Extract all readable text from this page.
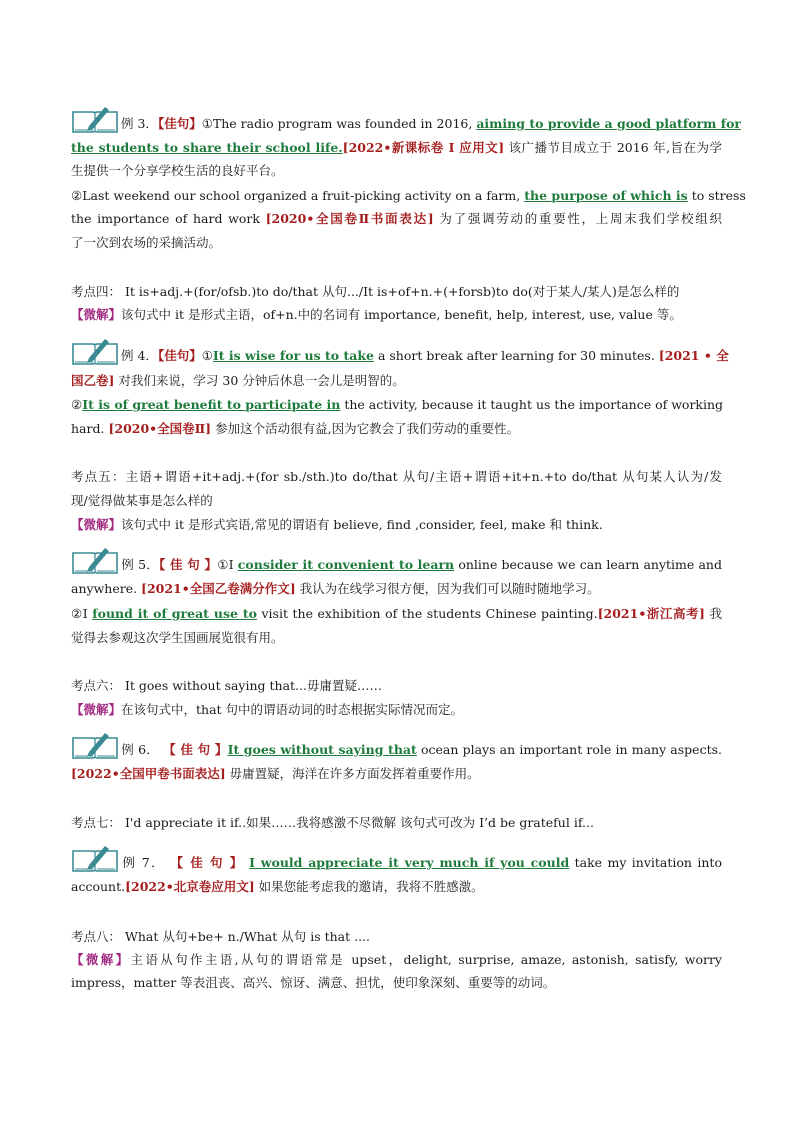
例 3．【佳句】①The radio program was founded in 2016, aiming to provide a good platform for
the students to share their school life.[2022•新课标卷 I 应用文] 该广播节目成立于 2016 年,旨在为学
生提供一个分享学校生活的良好平台。
②Last weekend our school organized a fruit-picking activity on a farm, the purpose of which is to stress
the importance of hard work [2020•全国卷Ⅱ书面表达] 为了强调劳动的重要性，上周末我们学校组织
了一次到农场的采摘活动。
考点四： It is+adj.+(for/ofsb.)to do/that 从句.../It is+of+n.+(+forsb)to do(对于某人/某人)是怎么样的
【微解】该句式中 it 是形式主语，of+n.中的名词有 importance, benefit, help, interest, use, value 等。
例 4．【佳句】①It is wise for us to take a short break after learning for 30 minutes. [2021 • 全
国乙卷] 对我们来说，学习 30 分钟后休息一会儿是明智的。
②It is of great benefit to participate in the activity, because it taught us the importance of working
hard. [2020•全国卷Ⅱ] 参加这个活动很有益,因为它教会了我们劳动的重要性。
考点五：主语+谓语+it+adj.+(for sb./sth.)to do/that 从句/主语+谓语+it+n.+to do/that 从句某人认为/发
现/觉得做某事是怎么样的
【微解】该句式中 it 是形式宾语,常见的谓语有 believe, find ,consider, feel, make 和 think.
例 5．【 佳 句 】①I consider it convenient to learn online because we can learn anytime and
anywhere. [2021•全国乙卷满分作文] 我认为在线学习很方便，因为我们可以随时随地学习。
②I found it of great use to visit the exhibition of the students Chinese painting.[2021•浙江高考] 我
觉得去参观这次学生国画展览很有用。
考点六： It goes without saying that...毋庸置疑……
【微解】在该句式中，that 句中的谓语动词的时态根据实际情况而定。
例 6． 【 佳 句 】It goes without saying that ocean plays an important role in many aspects.
[2022•全国甲卷书面表达] 毋庸置疑，海洋在许多方面发挥着重要作用。
考点七： I'd appreciate it if..如果……我将感激不尽微解 该句式可改为 I’d be grateful if...
例 7． 【 佳 句 】 I would appreciate it very much if you could take my invitation into
account.[2022•北京卷应用文] 如果您能考虑我的邀请，我将不胜感激。
考点八： What 从句+be+ n./What 从句 is that ....
【微解】主语从句作主语,从句的谓语常是 upset，delight, surprise, amaze, astonish, satisfy, worry
impress，matter 等表沮丧、高兴、惊讶、满意、担忧，使印象深刻、重要等的动词。
